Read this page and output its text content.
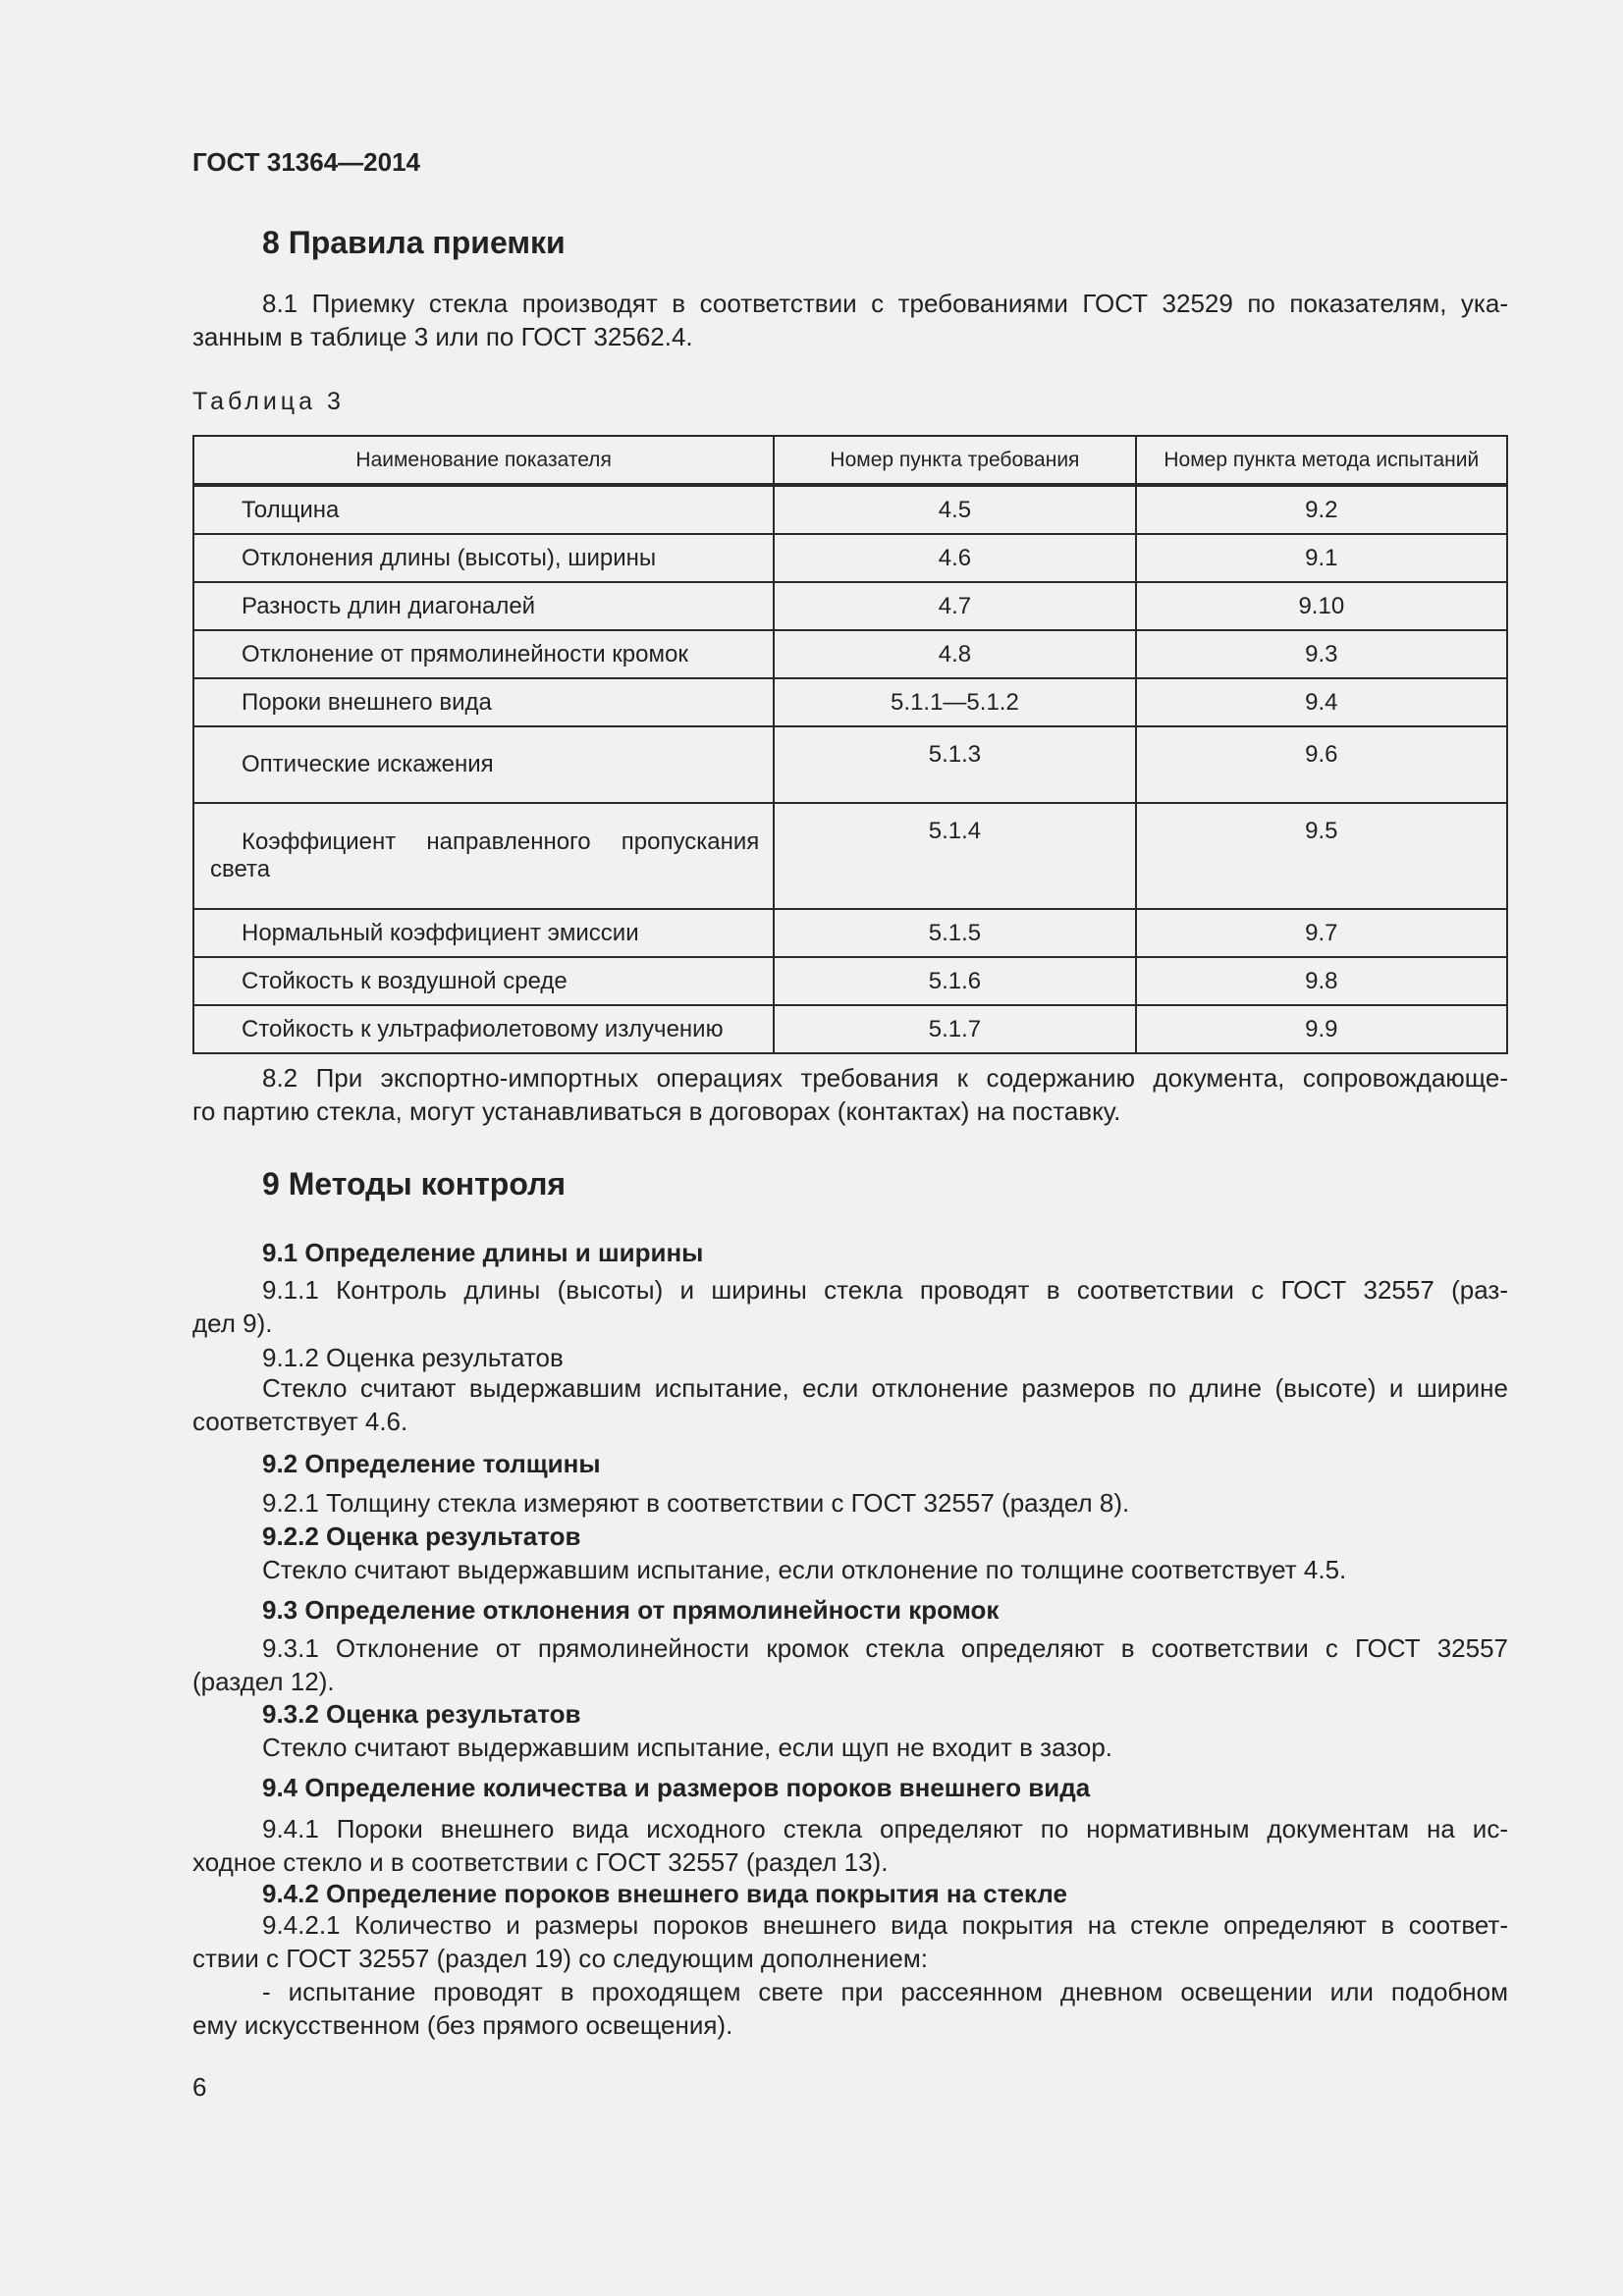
ГОСТ 31364—2014
8 Правила приемки
8.1 Приемку стекла производят в соответствии с требованиями ГОСТ 32529 по показателям, ука-
занным в таблице 3 или по ГОСТ 32562.4.
Таблица 3
Наименование показателя	Номер пункта требования	Номер пункта метода испытаний
Толщина	4.5	9.2
Отклонения длины (высоты), ширины	4.6	9.1
Разность длин диагоналей	4.7	9.10
Отклонение от прямолинейности кромок	4.8	9.3
Пороки внешнего вида	5.1.1—5.1.2	9.4
Оптические искажения	5.1.3	9.6

Коэффициент направленного пропускания
света	5.1.4	9.5
Нормальный коэффициент эмиссии	5.1.5	9.7
Стойкость к воздушной среде	5.1.6	9.8
Стойкость к ультрафиолетовому излучению	5.1.7	9.9
8.2 При экспортно-импортных операциях требования к содержанию документа, сопровождающе-
го партию стекла, могут устанавливаться в договорах (контактах) на поставку.
9 Методы контроля
9.1 Определение длины и ширины
9.1.1 Контроль длины (высоты) и ширины стекла проводят в соответствии с ГОСТ 32557 (раз-
дел 9).
9.1.2 Оценка результатов
Стекло считают выдержавшим испытание, если отклонение размеров по длине (высоте) и ширине
соответствует 4.6.
9.2 Определение толщины
9.2.1 Толщину стекла измеряют в соответствии с ГОСТ 32557 (раздел 8).
9.2.2 Оценка результатов
Стекло считают выдержавшим испытание, если отклонение по толщине соответствует 4.5.
9.3 Определение отклонения от прямолинейности кромок
9.3.1 Отклонение от прямолинейности кромок стекла определяют в соответствии с ГОСТ 32557
(раздел 12).
9.3.2 Оценка результатов
Стекло считают выдержавшим испытание, если щуп не входит в зазор.
9.4 Определение количества и размеров пороков внешнего вида
9.4.1 Пороки внешнего вида исходного стекла определяют по нормативным документам на ис-
ходное стекло и в соответствии с ГОСТ 32557 (раздел 13).
9.4.2 Определение пороков внешнего вида покрытия на стекле
9.4.2.1 Количество и размеры пороков внешнего вида покрытия на стекле определяют в соответ-
ствии с ГОСТ 32557 (раздел 19) со следующим дополнением:
- испытание проводят в проходящем свете при рассеянном дневном освещении или подобном
ему искусственном (без прямого освещения).
6
